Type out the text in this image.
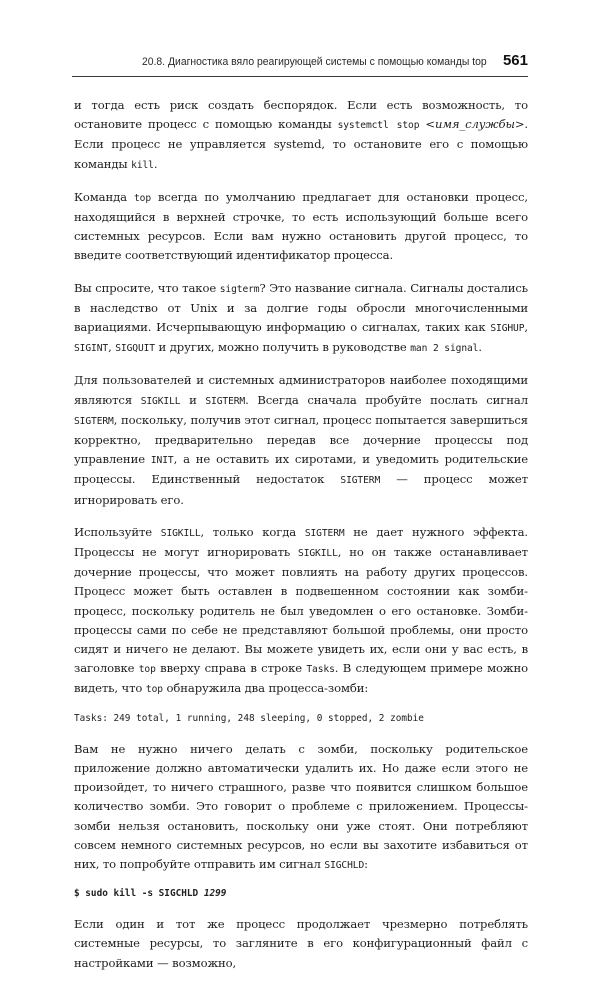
20.8. Диагностика вяло реагирующей системы с помощью команды top 561

и тогда есть риск создать беспорядок. Если есть возможность, то остановите процесс с помощью команды systemctl stop <имя_службы>. Если процесс не управляется systemd, то остановите его с помощью команды kill.

Команда top всегда по умолчанию предлагает для остановки процесс, находящийся в верхней строчке, то есть использующий больше всего системных ресурсов. Если вам нужно остановить другой процесс, то введите соответствующий идентификатор процесса.

Вы спросите, что такое sigterm? Это название сигнала. Сигналы достались в наследство от Unix и за долгие годы обросли многочисленными вариациями. Исчерпывающую информацию о сигналах, таких как SIGHUP, SIGINT, SIGQUIT и других, можно получить в руководстве man 2 signal.

Для пользователей и системных администраторов наиболее походящими являются SIGKILL и SIGTERM. Всегда сначала пробуйте послать сигнал SIGTERM, поскольку, получив этот сигнал, процесс попытается завершиться корректно, предварительно передав все дочерние процессы под управление INIT, а не оставить их сиротами, и уведомить родительские процессы. Единственный недостаток SIGTERM — процесс может игнорировать его.

Используйте SIGKILL, только когда SIGTERM не дает нужного эффекта. Процессы не могут игнорировать SIGKILL, но он также останавливает дочерние процессы, что может повлиять на работу других процессов. Процесс может быть оставлен в подвешенном состоянии как зомби-процесс, поскольку родитель не был уведомлен о его остановке. Зомби-процессы сами по себе не представляют большой проблемы, они просто сидят и ничего не делают. Вы можете увидеть их, если они у вас есть, в заголовке top вверху справа в строке Tasks. В следующем примере можно видеть, что top обнаружила два процесса-зомби:

Tasks: 249 total, 1 running, 248 sleeping, 0 stopped, 2 zombie

Вам не нужно ничего делать с зомби, поскольку родительское приложение должно автоматически удалить их. Но даже если этого не произойдет, то ничего страшного, разве что появится слишком большое количество зомби. Это говорит о проблеме с приложением. Процессы-зомби нельзя остановить, поскольку они уже стоят. Они потребляют совсем немного системных ресурсов, но если вы захотите избавиться от них, то попробуйте отправить им сигнал SIGCHLD:

$ sudo kill -s SIGCHLD 1299

Если один и тот же процесс продолжает чрезмерно потреблять системные ресурсы, то загляните в его конфигурационный файл с настройками — возможно,
